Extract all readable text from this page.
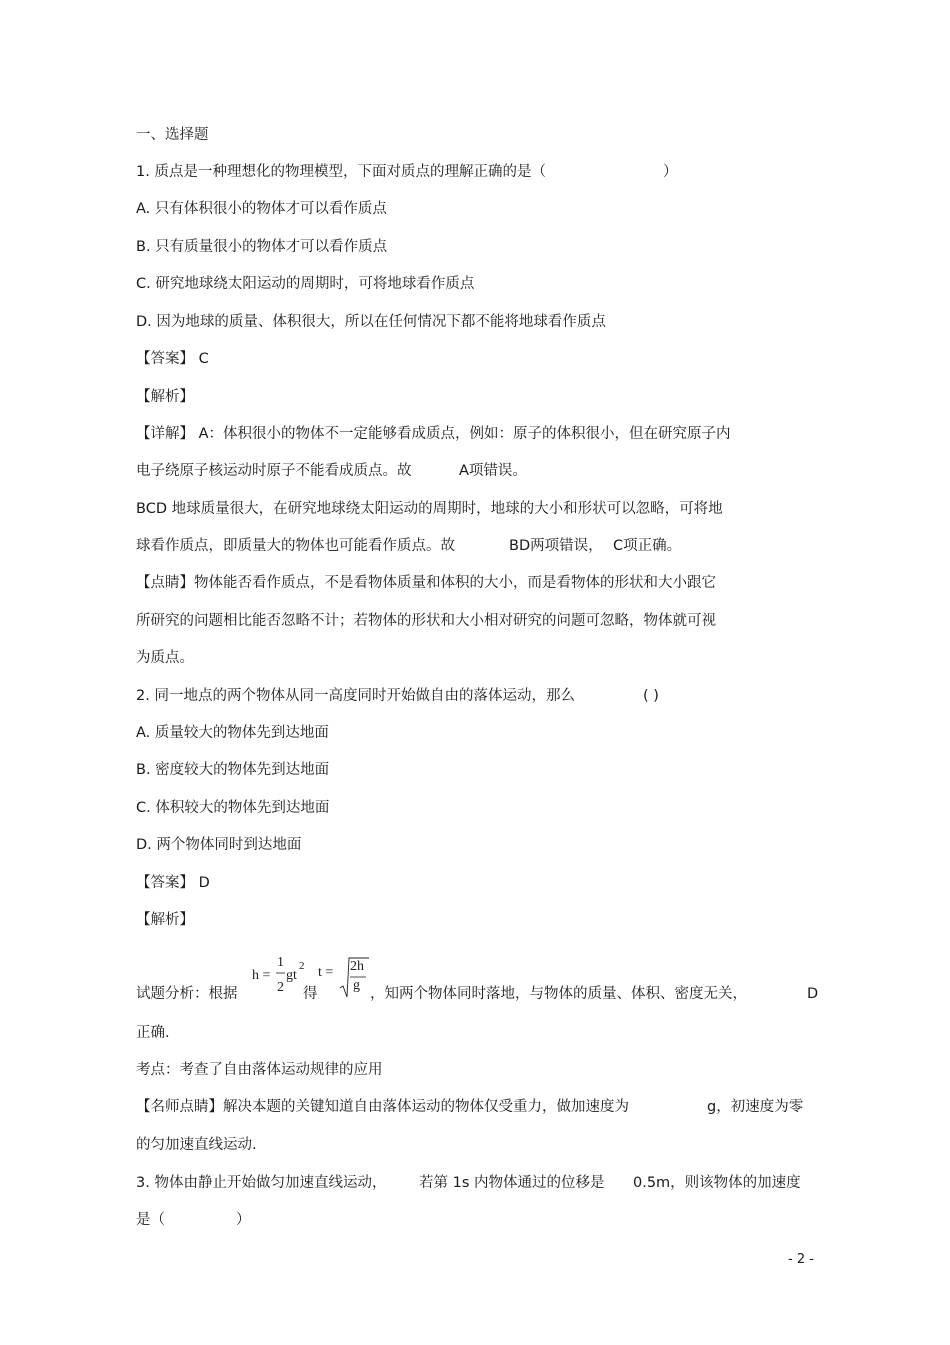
一、选择题
1. 质点是一种理想化的物理模型，下面对质点的理解正确的是（	）
A. 只有体积很小的物体才可以看作质点
B. 只有质量很小的物体才可以看作质点
C. 研究地球绕太阳运动的周期时，可将地球看作质点
D. 因为地球的质量、体积很大，所以在任何情况下都不能将地球看作质点
【答案】 C
【解析】
【详解】 A：体积很小的物体不一定能够看成质点，例如：原子的体积很小，但在研究原子内
电子绕原子核运动时原子不能看成质点。故	A项错误。
BCD 地球质量很大，在研究地球绕太阳运动的周期时，地球的大小和形状可以忽略，可将地
球看作质点，即质量大的物体也可能看作质点。故	BD两项错误， C项正确。
【点睛】物体能否看作质点，不是看物体质量和体积的大小，而是看物体的形状和大小跟它
所研究的问题相比能否忽略不计；若物体的形状和大小相对研究的问题可忽略，物体就可视
为质点。
2. 同一地点的两个物体从同一高度同时开始做自由的落体运动，那么	( )
A. 质量较大的物体先到达地面
B. 密度较大的物体先到达地面
C. 体积较大的物体先到达地面
D. 两个物体同时到达地面
【答案】 D
【解析】
试题分析：根据
h =
1
2
gt
2
得
t = 2h
g
，知两个物体同时落地，与物体的质量、体积、密度无关，	D
正确.
考点：考查了自由落体运动规律的应用
【名师点睛】解决本题的关键知道自由落体运动的物体仅受重力，做加速度为	g，初速度为零
的匀加速直线运动.
3. 物体由静止开始做匀加速直线运动， 若第 1s 内物体通过的位移是 0.5m，则该物体的加速度
是（	）
- 2 -
